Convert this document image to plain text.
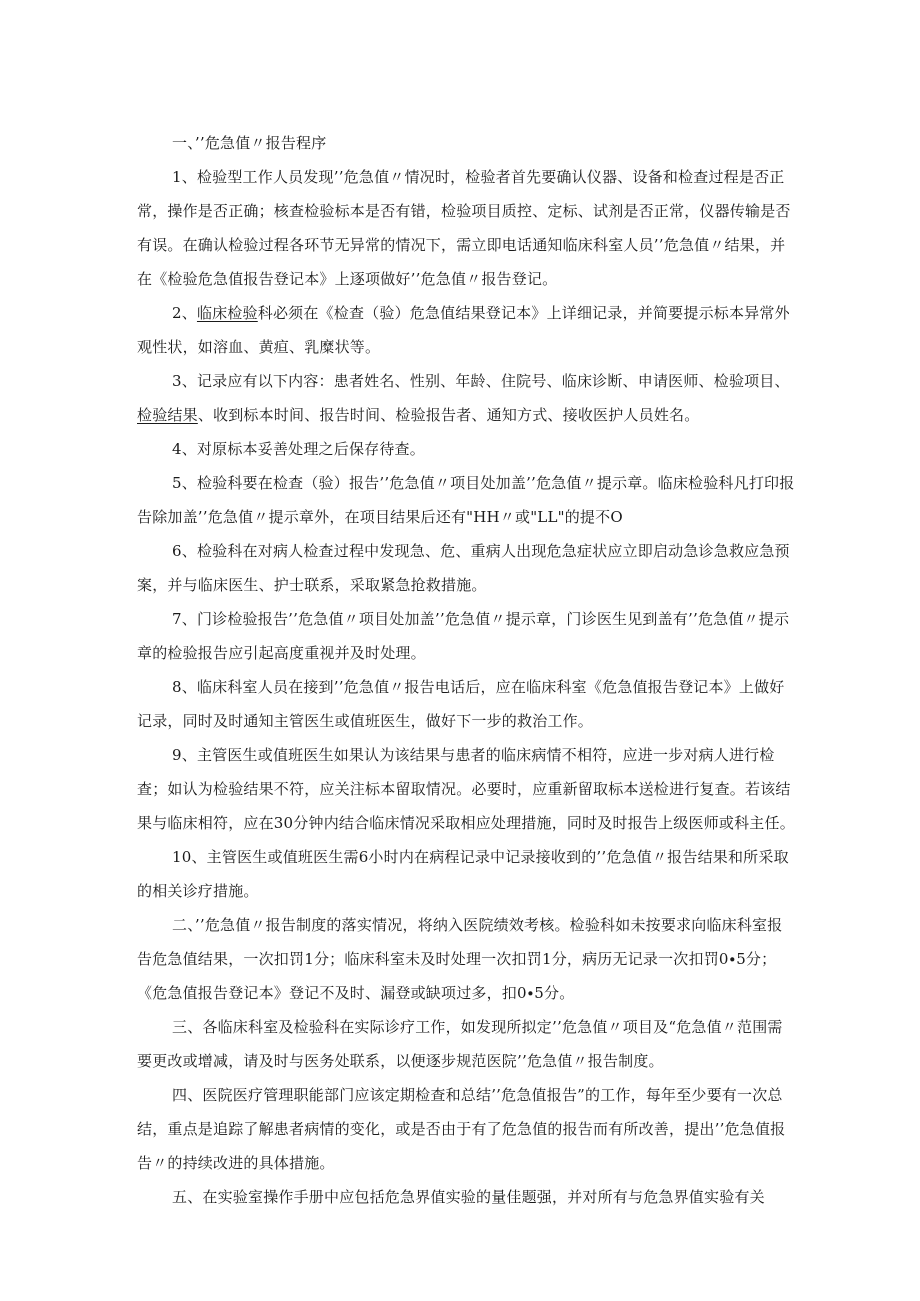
一、’’危急值〃报告程序

1、检验型工作人员发现’’危急值〃情况时，检验者首先要确认仪器、设备和检查过程是否正常，操作是否正确；核查检验标本是否有错，检验项目质控、定标、试剂是否正常，仪器传输是否有误。在确认检验过程各环节无异常的情况下，需立即电话通知临床科室人员’’危急值〃结果，并在《检验危急值报告登记本》上逐项做好’’危急值〃报告登记。

2、临床检验科必须在《检查（验）危急值结果登记本》上详细记录，并简要提示标本异常外观性状，如溶血、黄疸、乳糜状等。

3、记录应有以下内容：患者姓名、性别、年龄、住院号、临床诊断、申请医师、检验项目、检验结果、收到标本时间、报告时间、检验报告者、通知方式、接收医护人员姓名。

4、对原标本妥善处理之后保存待查。

5、检验科要在检查（验）报告’’危急值〃项目处加盖’’危急值〃提示章。临床检验科凡打印报告除加盖’’危急值〃提示章外，在项目结果后还有"HH〃或"LL"的提不O

6、检验科在对病人检查过程中发现急、危、重病人出现危急症状应立即启动急诊急救应急预案，并与临床医生、护士联系，采取紧急抢救措施。

7、门诊检验报告’’危急值〃项目处加盖’’危急值〃提示章，门诊医生见到盖有’’危急值〃提示章的检验报告应引起高度重视并及时处理。

8、临床科室人员在接到’’危急值〃报告电话后，应在临床科室《危急值报告登记本》上做好记录，同时及时通知主管医生或值班医生，做好下一步的救治工作。

9、主管医生或值班医生如果认为该结果与患者的临床病情不相符，应进一步对病人进行检查；如认为检验结果不符，应关注标本留取情况。必要时，应重新留取标本送检进行复查。若该结果与临床相符，应在30分钟内结合临床情况采取相应处理措施，同时及时报告上级医师或科主任。

10、主管医生或值班医生需6小时内在病程记录中记录接收到的’’危急值〃报告结果和所采取的相关诊疗措施。

二、’’危急值〃报告制度的落实情况，将纳入医院绩效考核。检验科如未按要求向临床科室报告危急值结果，一次扣罚1分；临床科室未及时处理一次扣罚1分，病历无记录一次扣罚0∙5分；《危急值报告登记本》登记不及时、漏登或缺项过多，扣0∙5分。

三、各临床科室及检验科在实际诊疗工作，如发现所拟定’’危急值〃项目及“危急值〃范围需要更改或增减，请及时与医务处联系，以便逐步规范医院’’危急值〃报告制度。

四、医院医疗管理职能部门应该定期检查和总结’’危急值报告”的工作，每年至少要有一次总结，重点是追踪了解患者病情的变化，或是否由于有了危急值的报告而有所改善，提出’’危急值报告〃的持续改进的具体措施。

五、在实验室操作手册中应包括危急界值实验的量佳题强，并对所有与危急界值实验有关
